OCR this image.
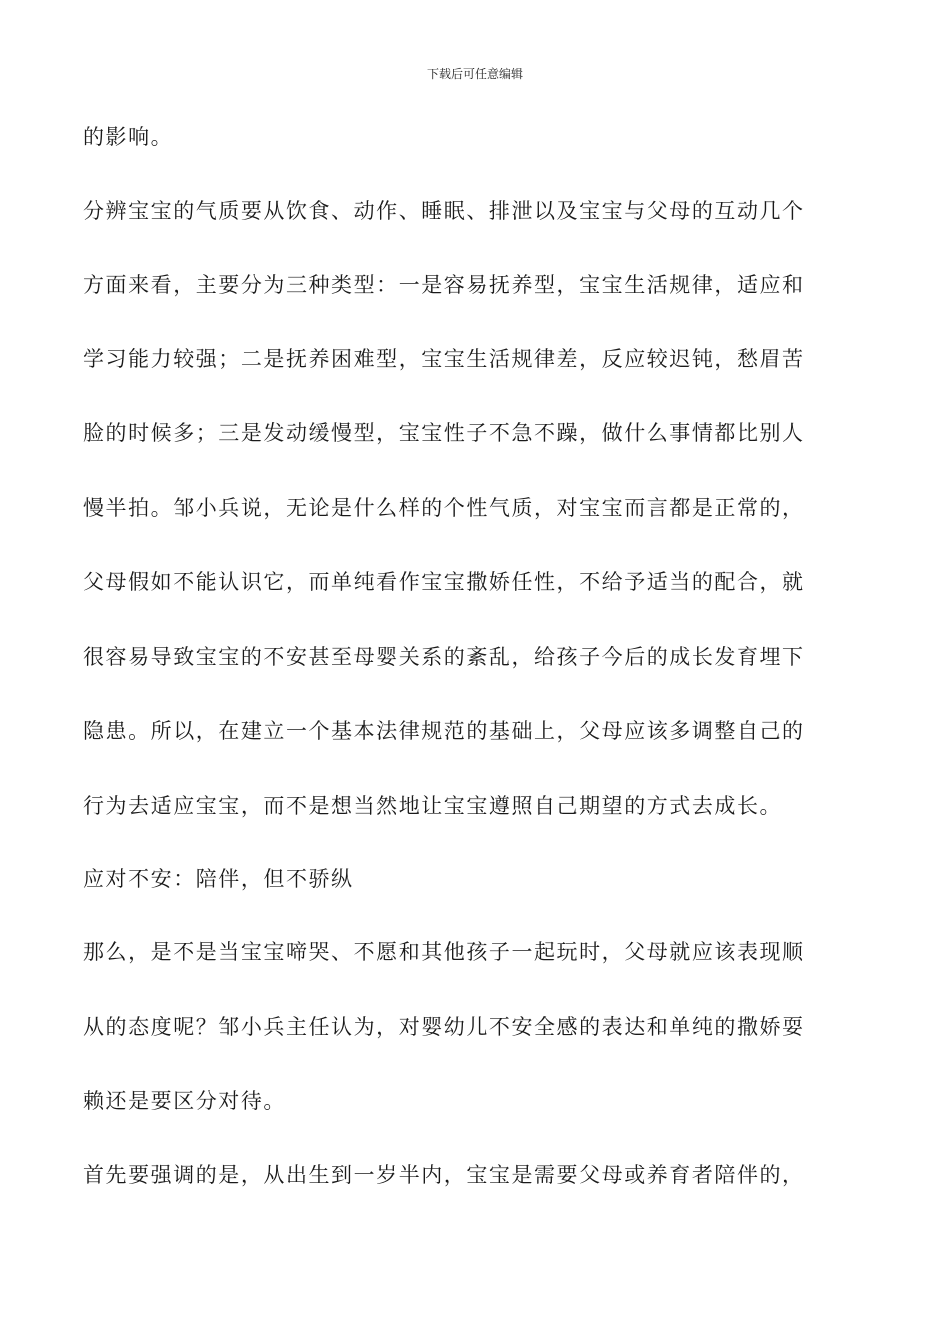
下载后可任意编辑
的影响。
分辨宝宝的气质要从饮食、动作、睡眠、排泄以及宝宝与父母的互动几个
方面来看，主要分为三种类型：一是容易抚养型，宝宝生活规律，适应和
学习能力较强；二是抚养困难型，宝宝生活规律差，反应较迟钝，愁眉苦
脸的时候多；三是发动缓慢型，宝宝性子不急不躁，做什么事情都比别人
慢半拍。邹小兵说，无论是什么样的个性气质，对宝宝而言都是正常的，
父母假如不能认识它，而单纯看作宝宝撒娇任性，不给予适当的配合，就
很容易导致宝宝的不安甚至母婴关系的紊乱，给孩子今后的成长发育埋下
隐患。所以，在建立一个基本法律规范的基础上，父母应该多调整自己的
行为去适应宝宝，而不是想当然地让宝宝遵照自己期望的方式去成长。
应对不安：陪伴，但不骄纵
那么，是不是当宝宝啼哭、不愿和其他孩子一起玩时，父母就应该表现顺
从的态度呢？邹小兵主任认为，对婴幼儿不安全感的表达和单纯的撒娇耍
赖还是要区分对待。
首先要强调的是，从出生到一岁半内，宝宝是需要父母或养育者陪伴的，
